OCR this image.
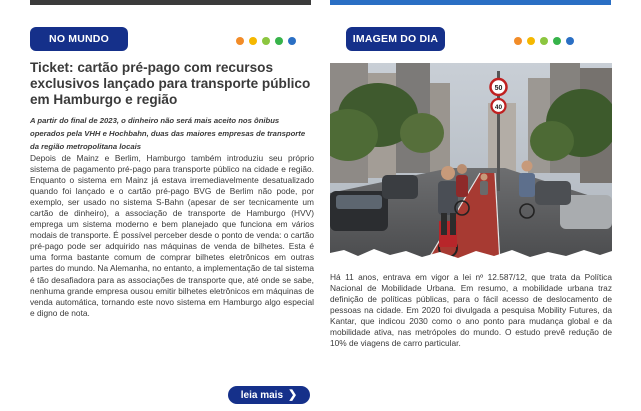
NO MUNDO
Ticket: cartão pré-pago com recursos exclusivos lançado para transporte público em Hamburgo e região

A partir do final de 2023, o dinheiro não será mais aceito nos ônibus operados pela VHH e Hochbahn, duas das maiores empresas de transporte da região metropolitana locais

Depois de Mainz e Berlim, Hamburgo também introduziu seu próprio sistema de pagamento pré-pago para transporte público na cidade e região. Enquanto o sistema em Mainz já estava irremediavelmente desatualizado quando foi lançado e o cartão pré-pago BVG de Berlim não pode, por exemplo, ser usado no sistema S-Bahn (apesar de ser tecnicamente um cartão de dinheiro), a associação de transporte de Hamburgo (HVV) emprega um sistema moderno e bem planejado que funciona em vários modais de transporte. É possível perceber desde o ponto de venda: o cartão pré-pago pode ser adquirido nas máquinas de venda de bilhetes. Esta é uma forma bastante comum de comprar bilhetes eletrônicos em outras partes do mundo. Na Alemanha, no entanto, a implementação de tal sistema é tão desafiadora para as associações de transporte que, até onde se sabe, nenhuma grande empresa ousou emitir bilhetes eletrônicos em máquinas de venda automática, tornando este novo sistema em Hamburgo algo especial e digno de nota.

leia mais ❯
IMAGEM DO DIA
50
40

Há 11 anos, entrava em vigor a lei nº 12.587/12, que trata da Política Nacional de Mobilidade Urbana. Em resumo, a mobilidade urbana traz definição de políticas públicas, para o fácil acesso de deslocamento de pessoas na cidade. Em 2020 foi divulgada a pesquisa Mobility Futures, da Kantar, que indicou 2030 como o ano ponto para mudança global e da mobilidade ativa, nas metrópoles do mundo. O estudo prevê redução de 10% de viagens de carro particular.
